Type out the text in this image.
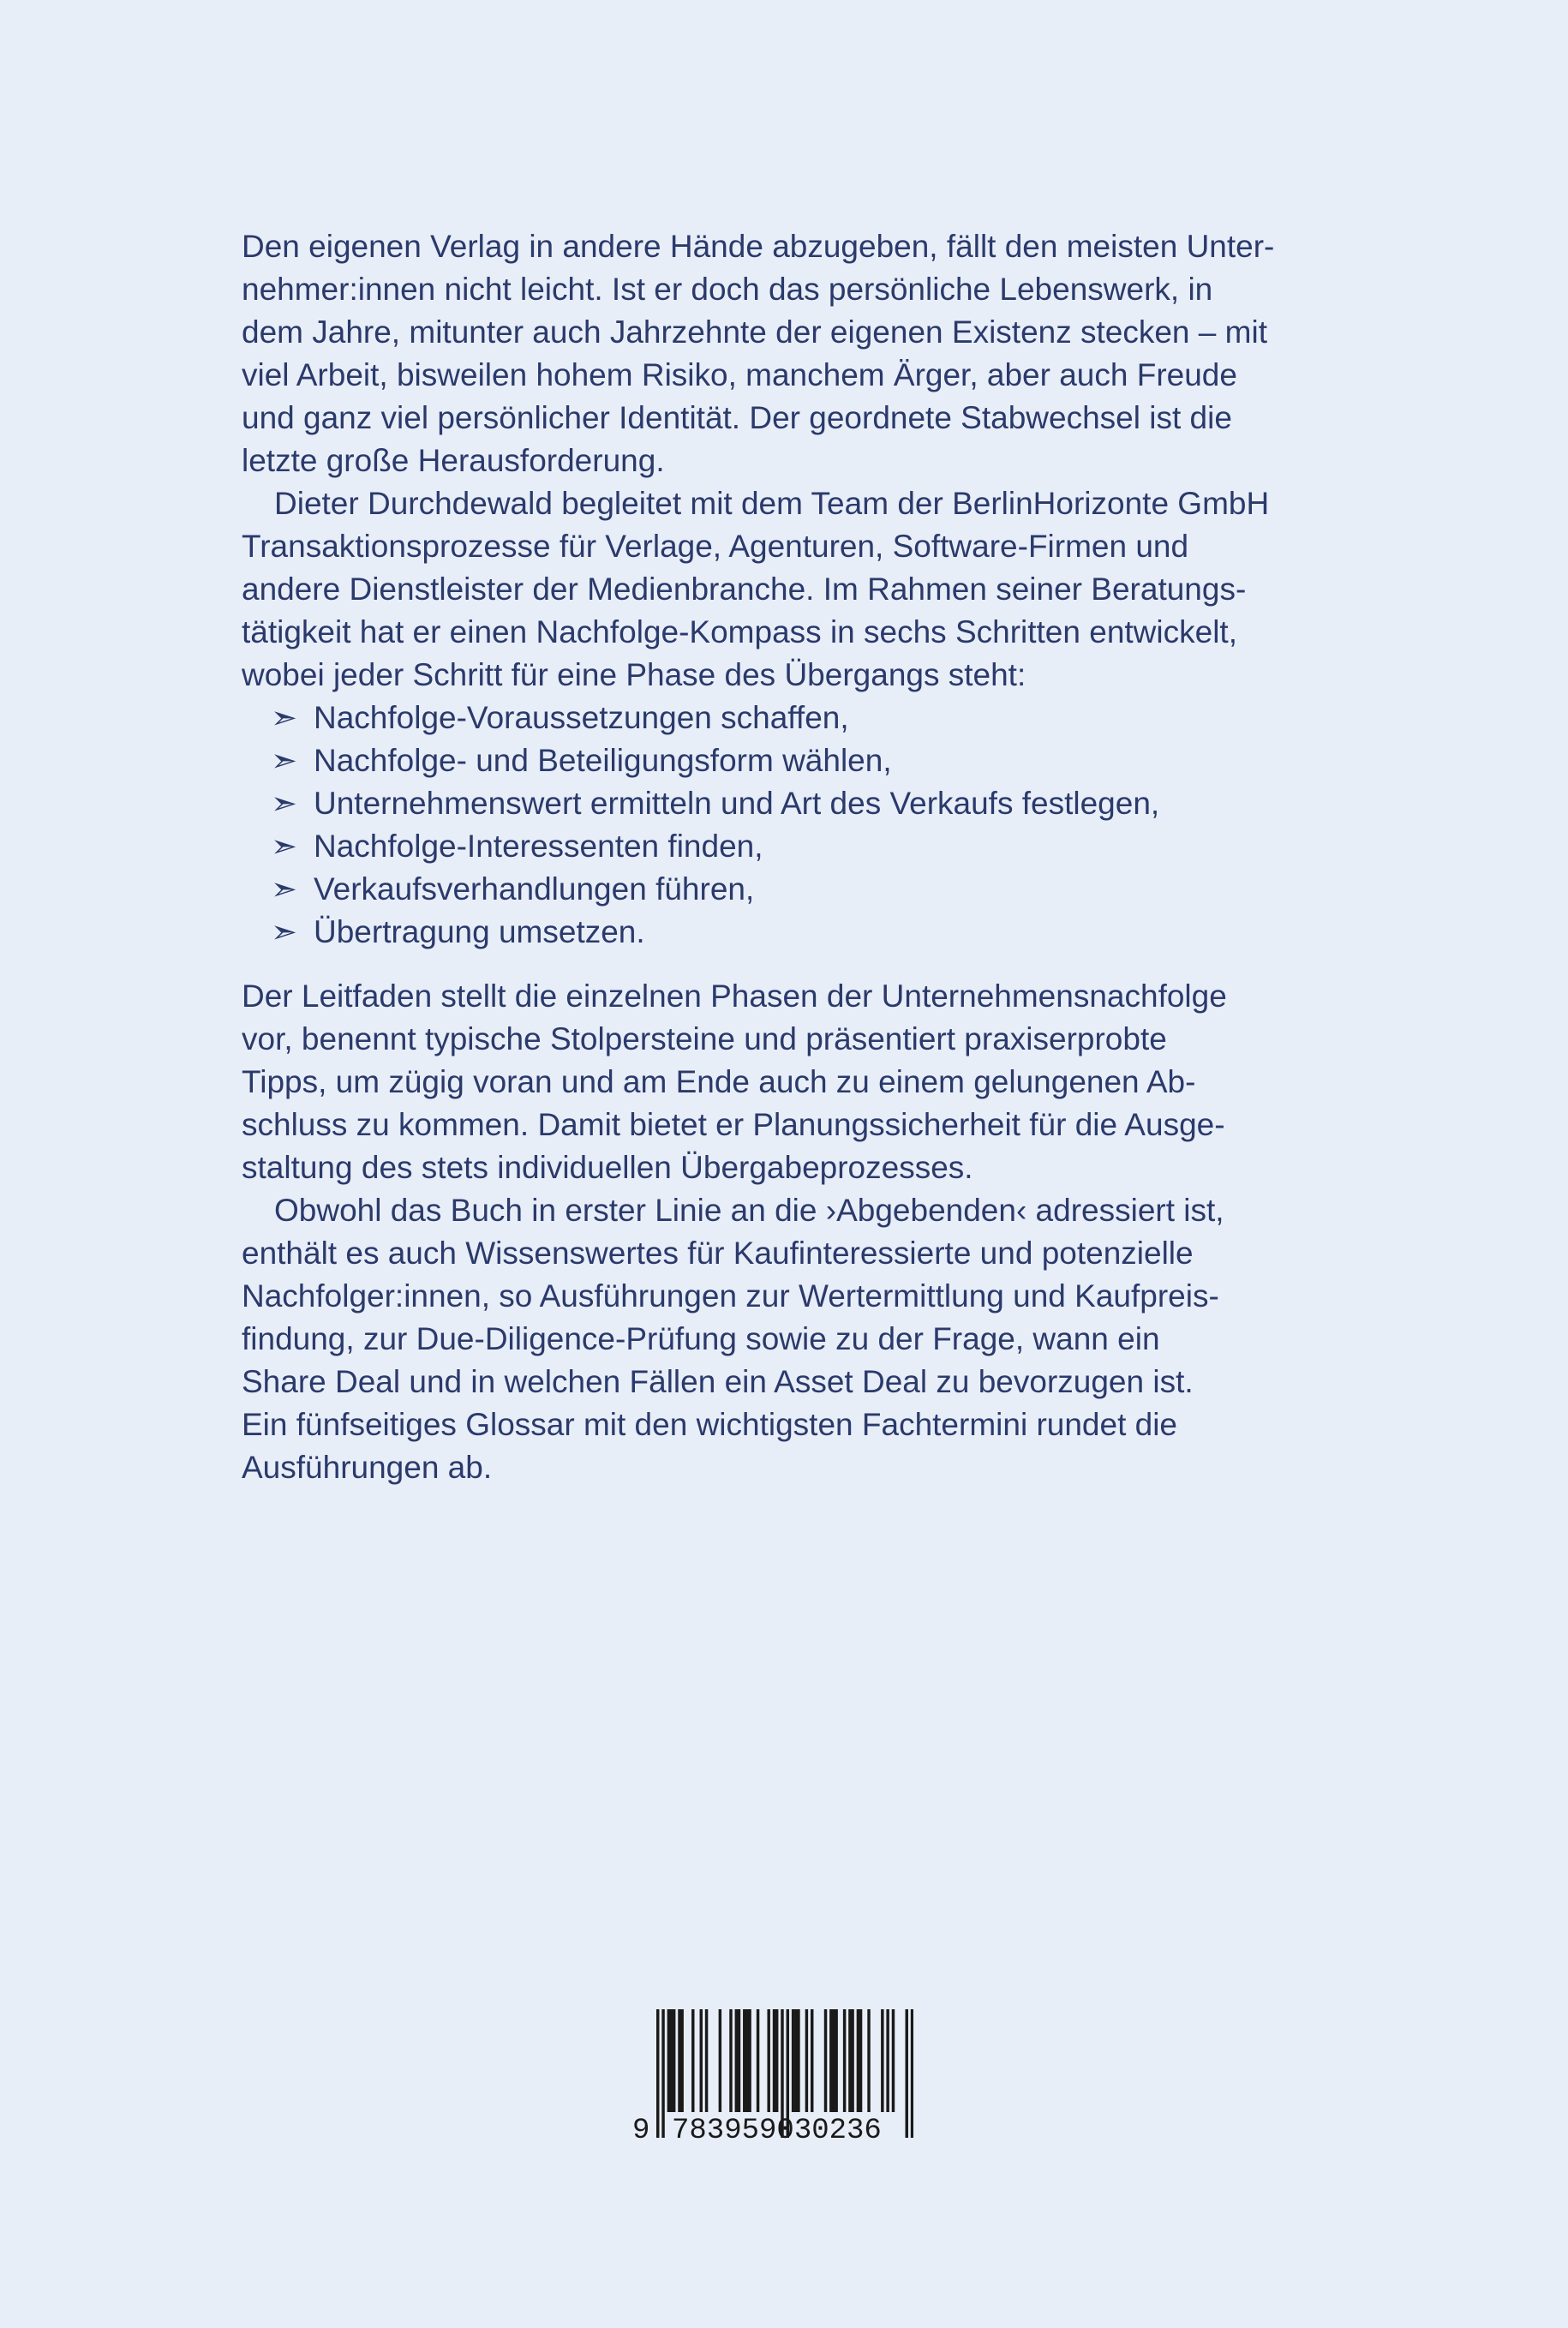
Den eigenen Verlag in andere Hände abzugeben, fällt den meisten Unter-
nehmer:innen nicht leicht. Ist er doch das persönliche Lebenswerk, in
dem Jahre, mitunter auch Jahrzehnte der eigenen Existenz stecken – mit
viel Arbeit, bisweilen hohem Risiko, manchem Ärger, aber auch Freude
und ganz viel persönlicher Identität. Der geordnete Stabwechsel ist die
letzte große Herausforderung.
Dieter Durchdewald begleitet mit dem Team der BerlinHorizonte GmbH
Transaktionsprozesse für Verlage, Agenturen, Software-Firmen und
andere Dienstleister der Medienbranche. Im Rahmen seiner Beratungs-
tätigkeit hat er einen Nachfolge-Kompass in sechs Schritten entwickelt,
wobei jeder Schritt für eine Phase des Übergangs steht:
➣ Nachfolge-Voraussetzungen schaffen,
➣ Nachfolge- und Beteiligungsform wählen,
➣ Unternehmenswert ermitteln und Art des Verkaufs festlegen,
➣ Nachfolge-Interessenten finden,
➣ Verkaufsverhandlungen führen,
➣ Übertragung umsetzen.
Der Leitfaden stellt die einzelnen Phasen der Unternehmensnachfolge
vor, benennt typische Stolpersteine und präsentiert praxiserprobte
Tipps, um zügig voran und am Ende auch zu einem gelungenen Ab-
schluss zu kommen. Damit bietet er Planungssicherheit für die Ausge-
staltung des stets individuellen Übergabeprozesses.
Obwohl das Buch in erster Linie an die ›Abgebenden‹ adressiert ist,
enthält es auch Wissenswertes für Kaufinteressierte und potenzielle
Nachfolger:innen, so Ausführungen zur Wertermittlung und Kaufpreis-
findung, zur Due-Diligence-Prüfung sowie zu der Frage, wann ein
Share Deal und in welchen Fällen ein Asset Deal zu bevorzugen ist.
Ein fünfseitiges Glossar mit den wichtigsten Fachtermini rundet die
Ausführungen ab.
9 783959030236
